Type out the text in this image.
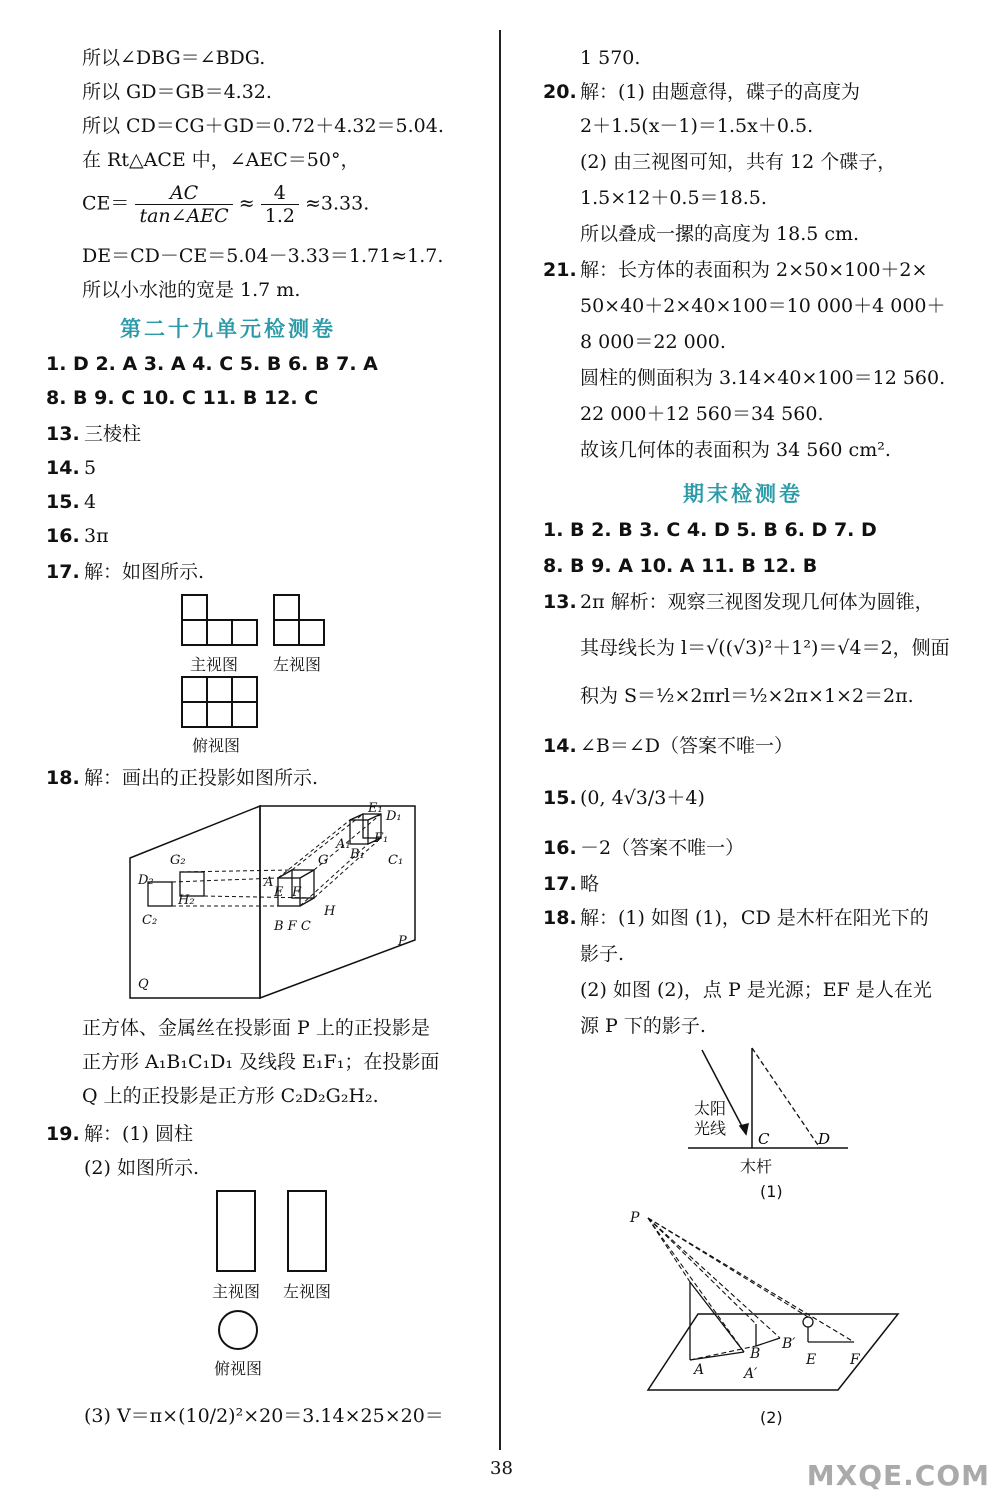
所以∠DBG＝∠BDG.
所以 GD＝GB＝4.32.
所以 CD＝CG＋GD＝0.72＋4.32＝5.04.
在 Rt△ACE 中，∠AEC＝50°，
$CE= \frac{AC}{\text{tan∠AEC}} \approx \frac{4}{1.2} \approx 3.33$.
DE＝CD－CE＝5.04－3.33＝1.71≈1.7.
所以小水池的宽是 1.7 m.
第二十九单元检测卷
1. D 2. A 3. A 4. C 5. B 6. B 7. A
8. B 9. C 10. C 11. B 12. C
13. 三棱柱
14. 5
15. 4
16. 3π
17. 解：如图所示.
主视图 左视图
俯视图
18. 解：画出的正投影如图所示.
G₂
D₂
H₂
C₂
A
E F
B F C
H
G
A₁
B₁ C₁
E₁
D₁
F₁
P
Q
正方体、金属丝在投影面 P 上的正投影是
正方形 A₁B₁C₁D₁ 及线段 E₁F₁；在投影面
Q 上的正投影是正方形 C₂D₂G₂H₂.
19. 解：(1) 圆柱
(2) 如图所示.
主视图 左视图
俯视图
(3) V＝π×(10/2)²×20＝3.14×25×20＝
1 570.
20. 解：(1) 由题意得，碟子的高度为
2＋1.5(x－1)＝1.5x＋0.5.
(2) 由三视图可知，共有 12 个碟子，
1.5×12＋0.5＝18.5.
所以叠成一摞的高度为 18.5 cm.
21. 解：长方体的表面积为 2×50×100＋2×
50×40＋2×40×100＝10 000＋4 000＋
8 000＝22 000.
圆柱的侧面积为 3.14×40×100＝12 560.
22 000＋12 560＝34 560.
故该几何体的表面积为 34 560 cm².
期末检测卷
1. B 2. B 3. C 4. D 5. B 6. D 7. D
8. B 9. A 10. A 11. B 12. B
13. 2π 解析：观察三视图发现几何体为圆锥，
其母线长为 l＝√((√3)²＋1²)＝√4＝2，侧面
积为 S＝½×2πrl＝½×2π×1×2＝2π.
14. ∠B＝∠D（答案不唯一）
15. (0, 4√3/3＋4)
16. －2（答案不唯一）
17. 略
18. 解：(1) 如图 (1)，CD 是木杆在阳光下的
影子.
(2) 如图 (2)，点 P 是光源；EF 是人在光
源 P 下的影子.
C	D
太阳
光线
木杆
(1)
P
A	A′
B
B′
E F
(2)
38	MXQE.COM
